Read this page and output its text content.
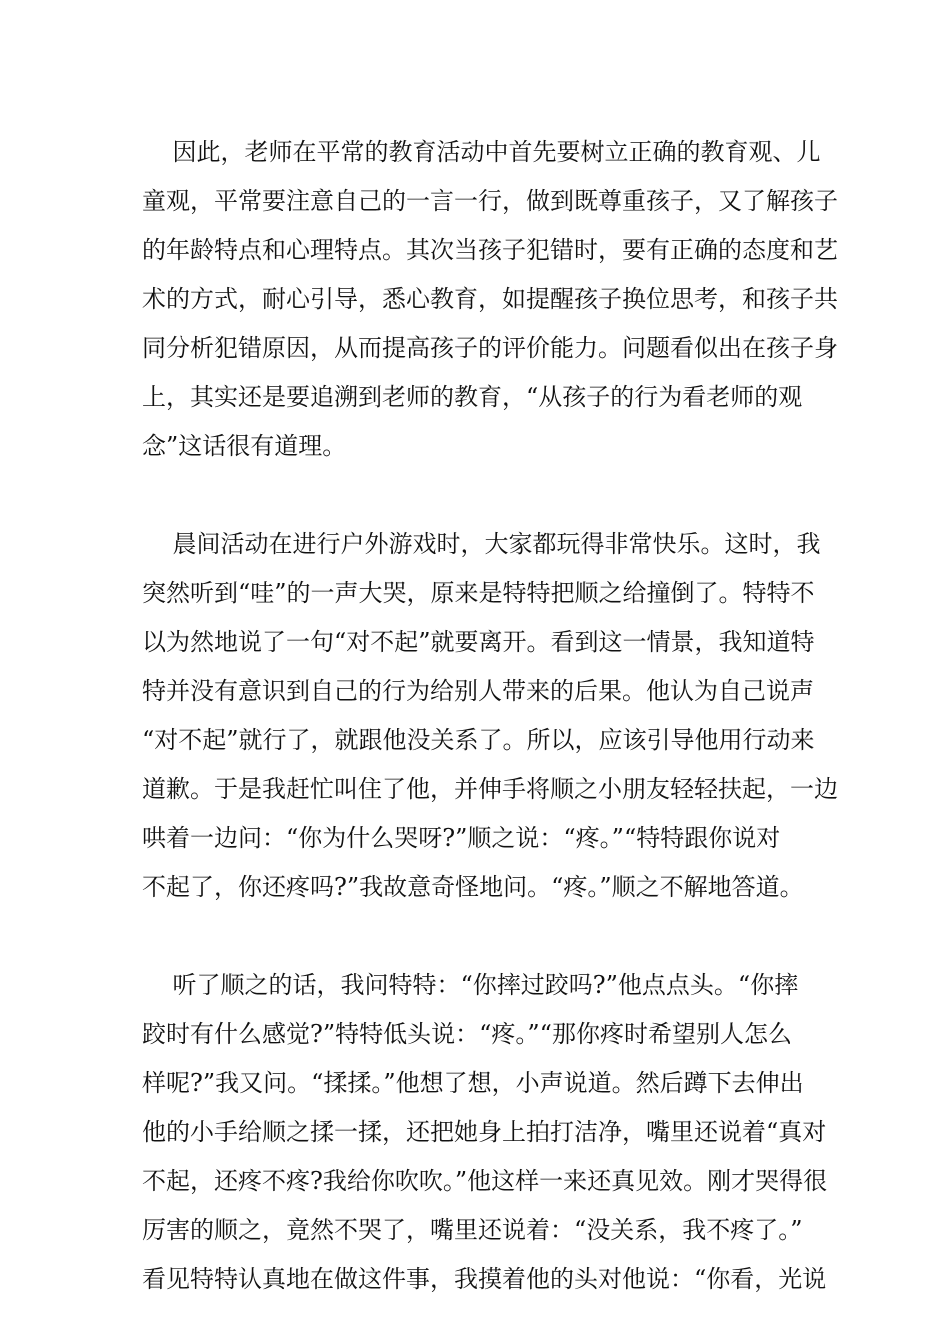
因此，老师在平常的教育活动中首先要树立正确的教育观、儿
童观，平常要注意自己的一言一行，做到既尊重孩子，又了解孩子
的年龄特点和心理特点。其次当孩子犯错时，要有正确的态度和艺
术的方式，耐心引导，悉心教育，如提醒孩子换位思考，和孩子共
同分析犯错原因，从而提高孩子的评价能力。问题看似出在孩子身
上，其实还是要追溯到老师的教育，“从孩子的行为看老师的观
念”这话很有道理。
晨间活动在进行户外游戏时，大家都玩得非常快乐。这时，我
突然听到“哇”的一声大哭，原来是特特把顺之给撞倒了。特特不
以为然地说了一句“对不起”就要离开。看到这一情景，我知道特
特并没有意识到自己的行为给别人带来的后果。他认为自己说声
“对不起”就行了，就跟他没关系了。所以，应该引导他用行动来
道歉。于是我赶忙叫住了他，并伸手将顺之小朋友轻轻扶起，一边
哄着一边问：“你为什么哭呀?”顺之说：“疼。”“特特跟你说对
不起了，你还疼吗?”我故意奇怪地问。“疼。”顺之不解地答道。
听了顺之的话，我问特特：“你摔过跤吗?”他点点头。“你摔
跤时有什么感觉?”特特低头说：“疼。”“那你疼时希望别人怎么
样呢?”我又问。“揉揉。”他想了想，小声说道。然后蹲下去伸出
他的小手给顺之揉一揉，还把她身上拍打洁净，嘴里还说着“真对
不起，还疼不疼?我给你吹吹。”他这样一来还真见效。刚才哭得很
厉害的顺之，竟然不哭了，嘴里还说着：“没关系，我不疼了。”
看见特特认真地在做这件事，我摸着他的头对他说：“你看，光说
